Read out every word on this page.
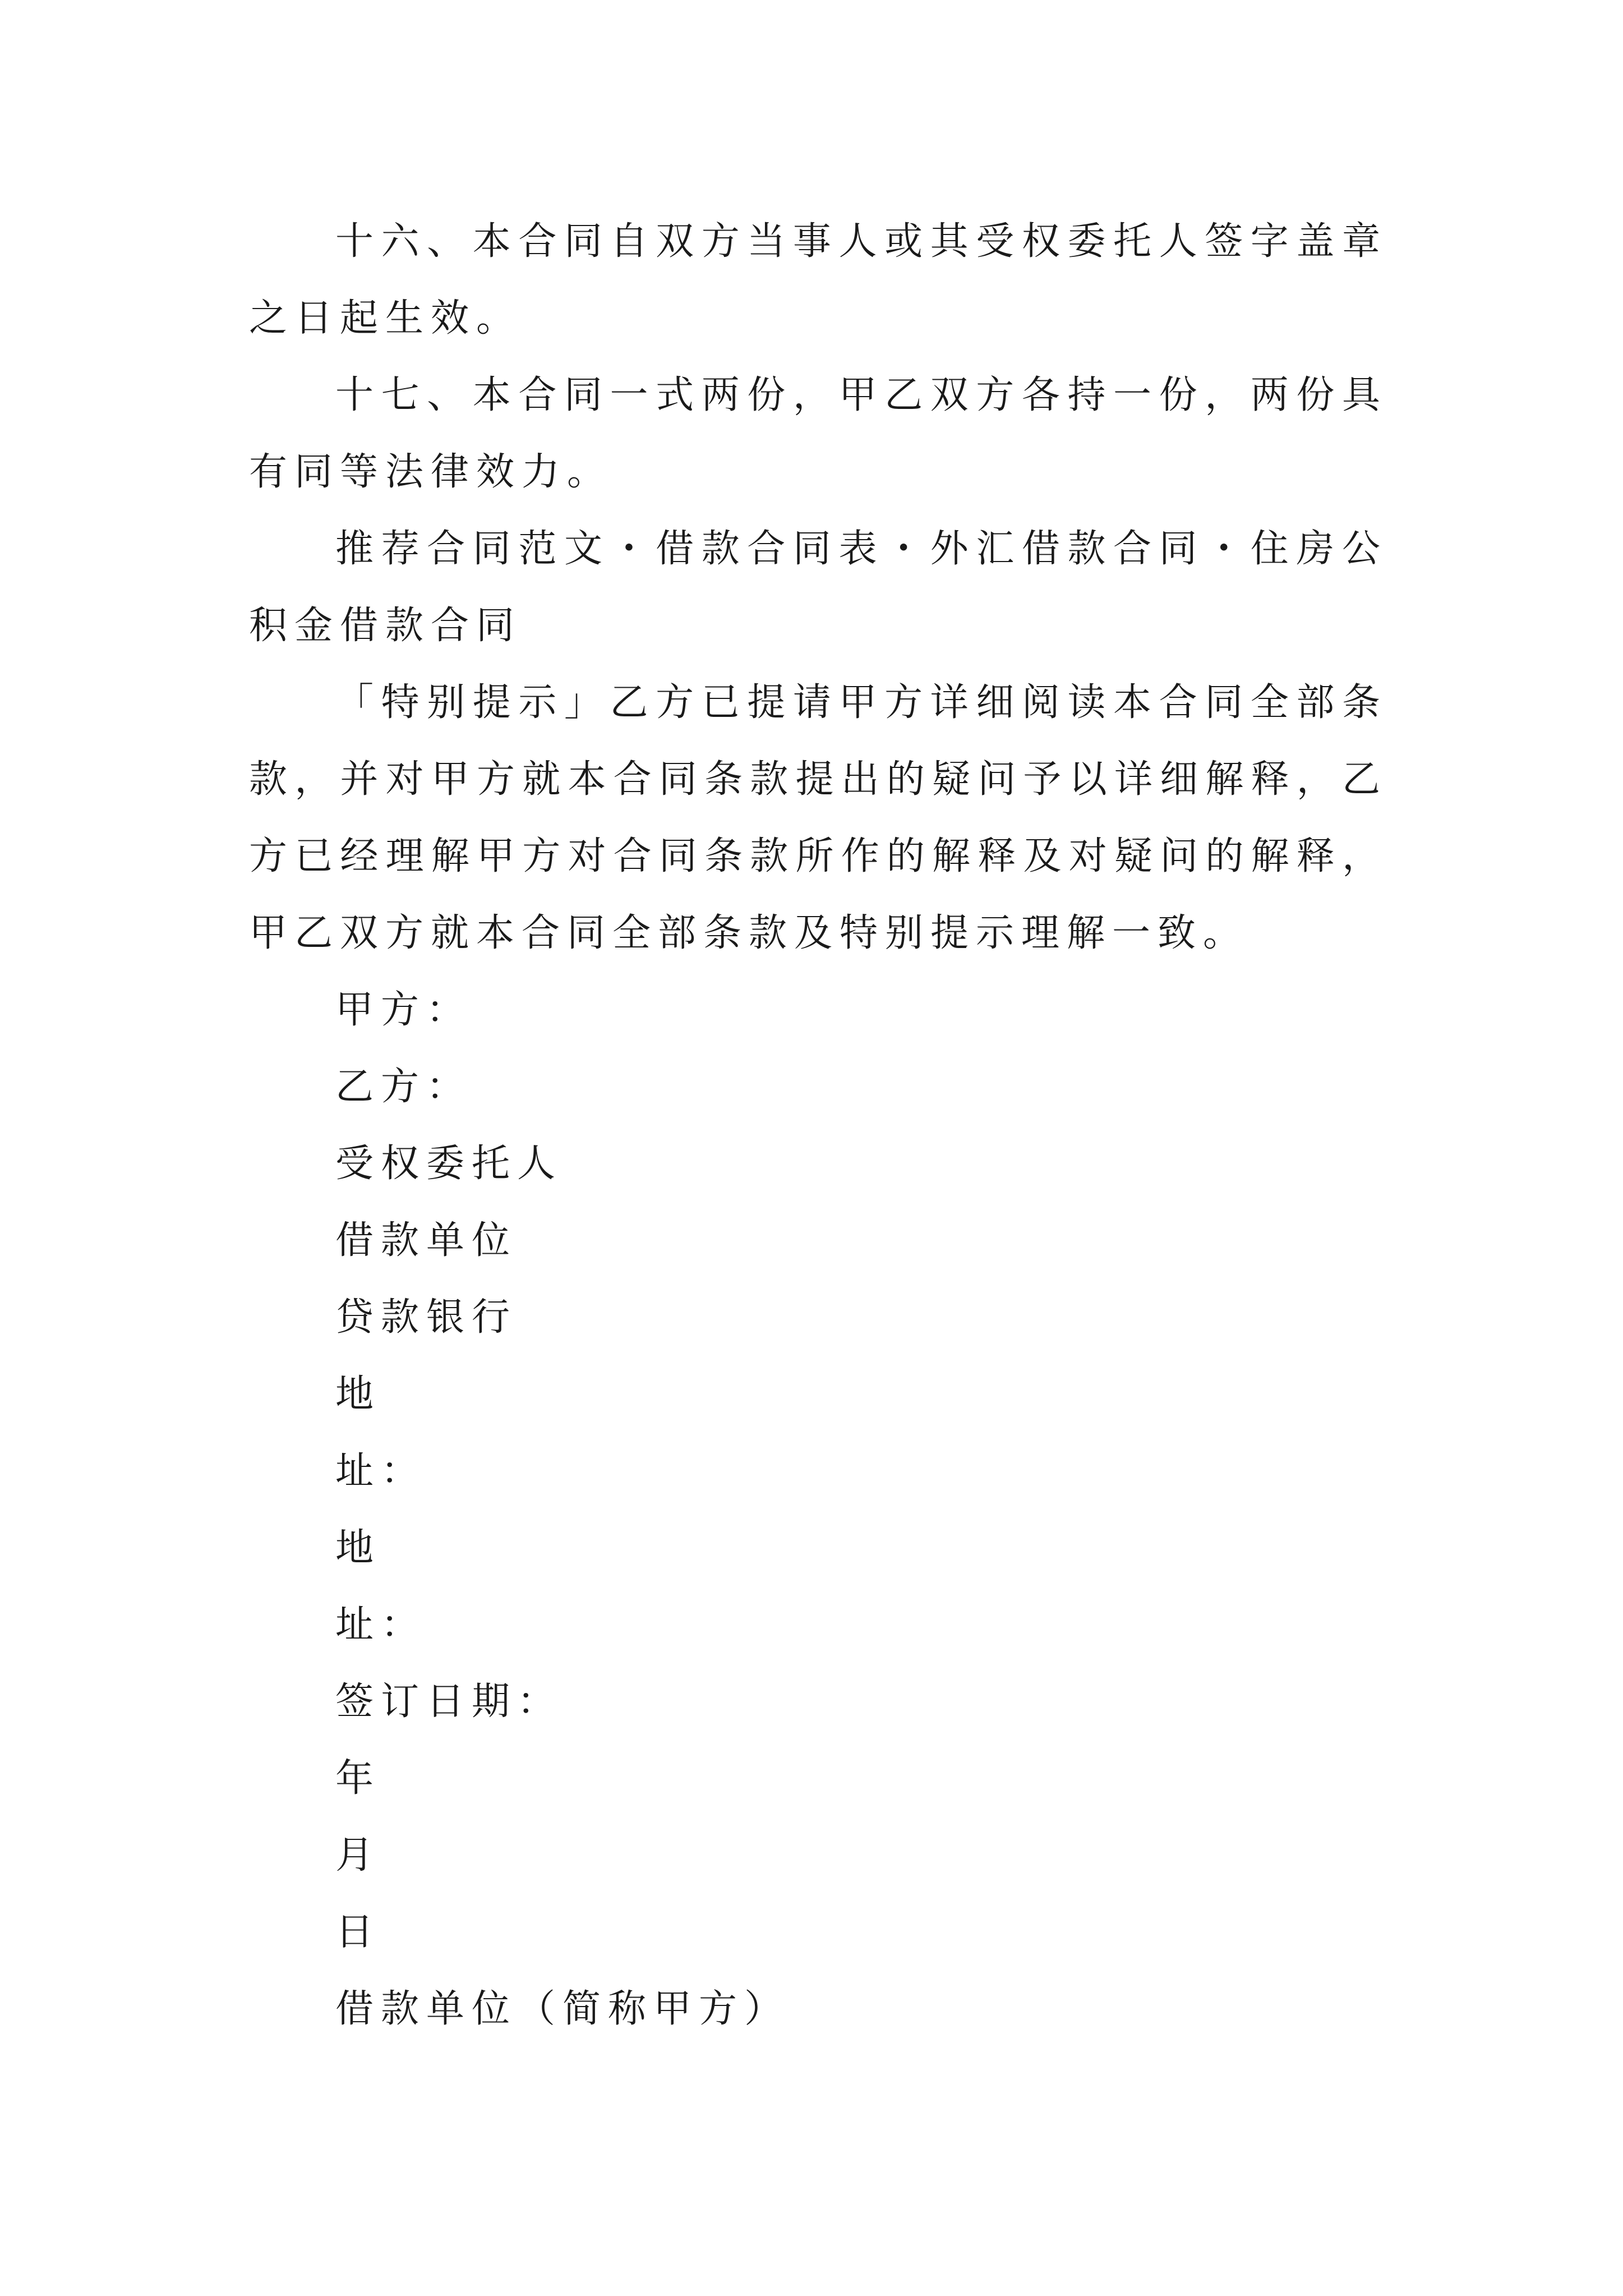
十六、本合同自双方当事人或其受权委托人签字盖章之日起生效。

十七、本合同一式两份，甲乙双方各持一份，两份具有同等法律效力。

推荐合同范文・借款合同表・外汇借款合同・住房公积金借款合同

「特别提示」乙方已提请甲方详细阅读本合同全部条款，并对甲方就本合同条款提出的疑问予以详细解释，乙方已经理解甲方对合同条款所作的解释及对疑问的解释，甲乙双方就本合同全部条款及特别提示理解一致。

甲方：

乙方：

受权委托人

借款单位

贷款银行

地

址：

地

址：

签订日期：

年

月

日

借款单位（简称甲方）
